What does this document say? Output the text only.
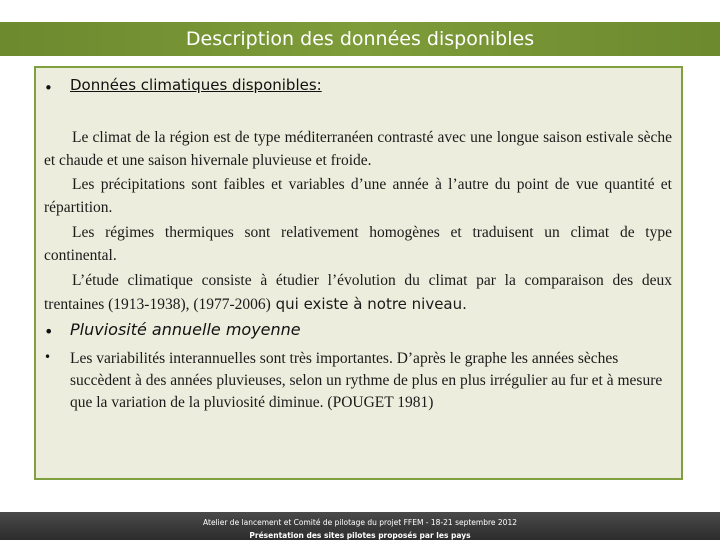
Description des données disponibles
• Données climatiques disponibles:

Le climat de la région est de type méditerranéen contrasté avec une longue saison estivale sèche et chaude et une saison hivernale pluvieuse et froide.

Les précipitations sont faibles et variables d’une année à l’autre du point de vue quantité et répartition.

Les régimes thermiques sont relativement homogènes et traduisent un climat de type continental.

L’étude climatique consiste à étudier l’évolution du climat par la comparaison des deux trentaines (1913-1938), (1977-2006) qui existe à notre niveau.

• Pluviosité annuelle moyenne
• Les variabilités interannuelles sont très importantes. D’après le graphe les années sèches succèdent à des années pluvieuses, selon un rythme de plus en plus irrégulier au fur et à mesure que la variation de la pluviosité diminue. (POUGET 1981)

Atelier de lancement et Comité de pilotage du projet FFEM - 18-21 septembre 2012
Présentation des sites pilotes proposés par les pays
